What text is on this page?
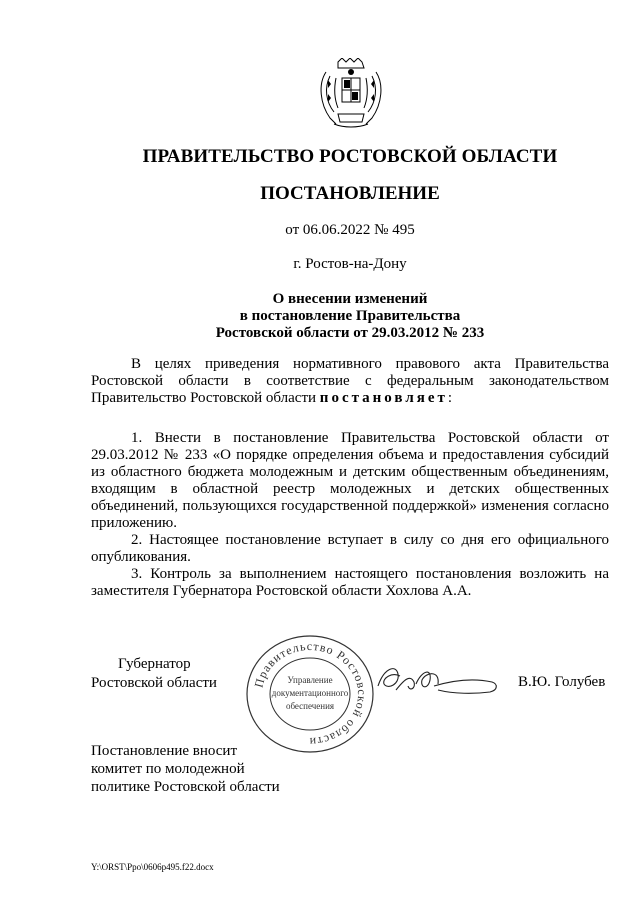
ПРАВИТЕЛЬСТВО РОСТОВСКОЙ ОБЛАСТИ
ПОСТАНОВЛЕНИЕ
от 06.06.2022 № 495
г. Ростов-на-Дону
О внесении изменений
в постановление Правительства
Ростовской области от 29.03.2012 № 233

В целях приведения нормативного правового акта Правительства Ростовской области в соответствие с федеральным законодательством Правительство Ростовской области постановляет:

1. Внести в постановление Правительства Ростовской области от 29.03.2012 № 233 «О порядке определения объема и предоставления субсидий из областного бюджета молодежным и детским общественным объединениям, входящим в областной реестр молодежных и детских общественных объединений, пользующихся государственной поддержкой» изменения согласно приложению.

2. Настоящее постановление вступает в силу со дня его официального опубликования.

3. Контроль за выполнением настоящего постановления возложить на заместителя Губернатора Ростовской области Хохлова А.А.

Губернатор
Ростовской области	Правительство Ростовской области
Управление
документационного
обеспечения
В.Ю. Голубев
Постановление вносит
комитет по молодежной
политике Ростовской области
Y:\ORST\Ppo\0606p495.f22.docx
